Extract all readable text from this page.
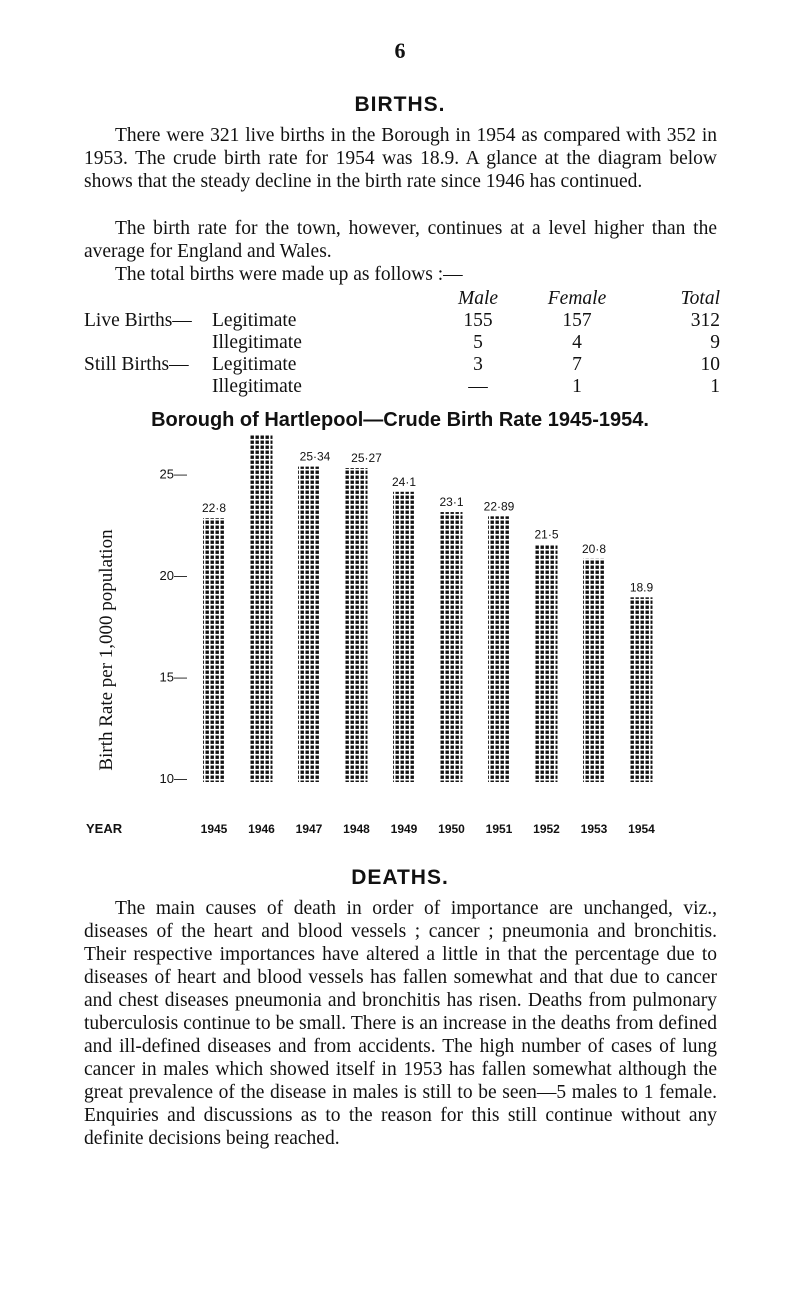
6
BIRTHS.

There were 321 live births in the Borough in 1954 as compared with 352 in 1953. The crude birth rate for 1954 was 18.9. A glance at the diagram below shows that the steady decline in the birth rate since 1946 has continued.

The birth rate for the town, however, continues at a level higher than the average for England and Wales.

The total births were made up as follows :—

Male	Female	Total
Live Births— Legitimate	155	157	312
Illegitimate	5	4	9
Still Births— Legitimate	3	7	10
Illegitimate	—	1	1
Borough of Hartlepool—Crude Birth Rate 1945-1954.
Birth Rate per 1,000 population
25—
20—
15—
10—
22·8
25·34 25·27
24·1
23·1 22·89
21·5
20·8
18.9
1945 1946 1947 1948 1949 1950 1951 1952 1953 1954
YEAR
DEATHS.

The main causes of death in order of importance are unchanged, viz., diseases of the heart and blood vessels ; cancer ; pneumonia and bronchitis. Their respective importances have altered a little in that the percentage due to diseases of heart and blood vessels has fallen somewhat and that due to cancer and chest diseases pneumonia and bronchitis has risen. Deaths from pulmonary tuberculosis continue to be small. There is an increase in the deaths from defined and ill-defined diseases and from accidents. The high number of cases of lung cancer in males which showed itself in 1953 has fallen somewhat although the great prevalence of the disease in males is still to be seen—5 males to 1 female. Enquiries and discussions as to the reason for this still continue without any definite decisions being reached.
